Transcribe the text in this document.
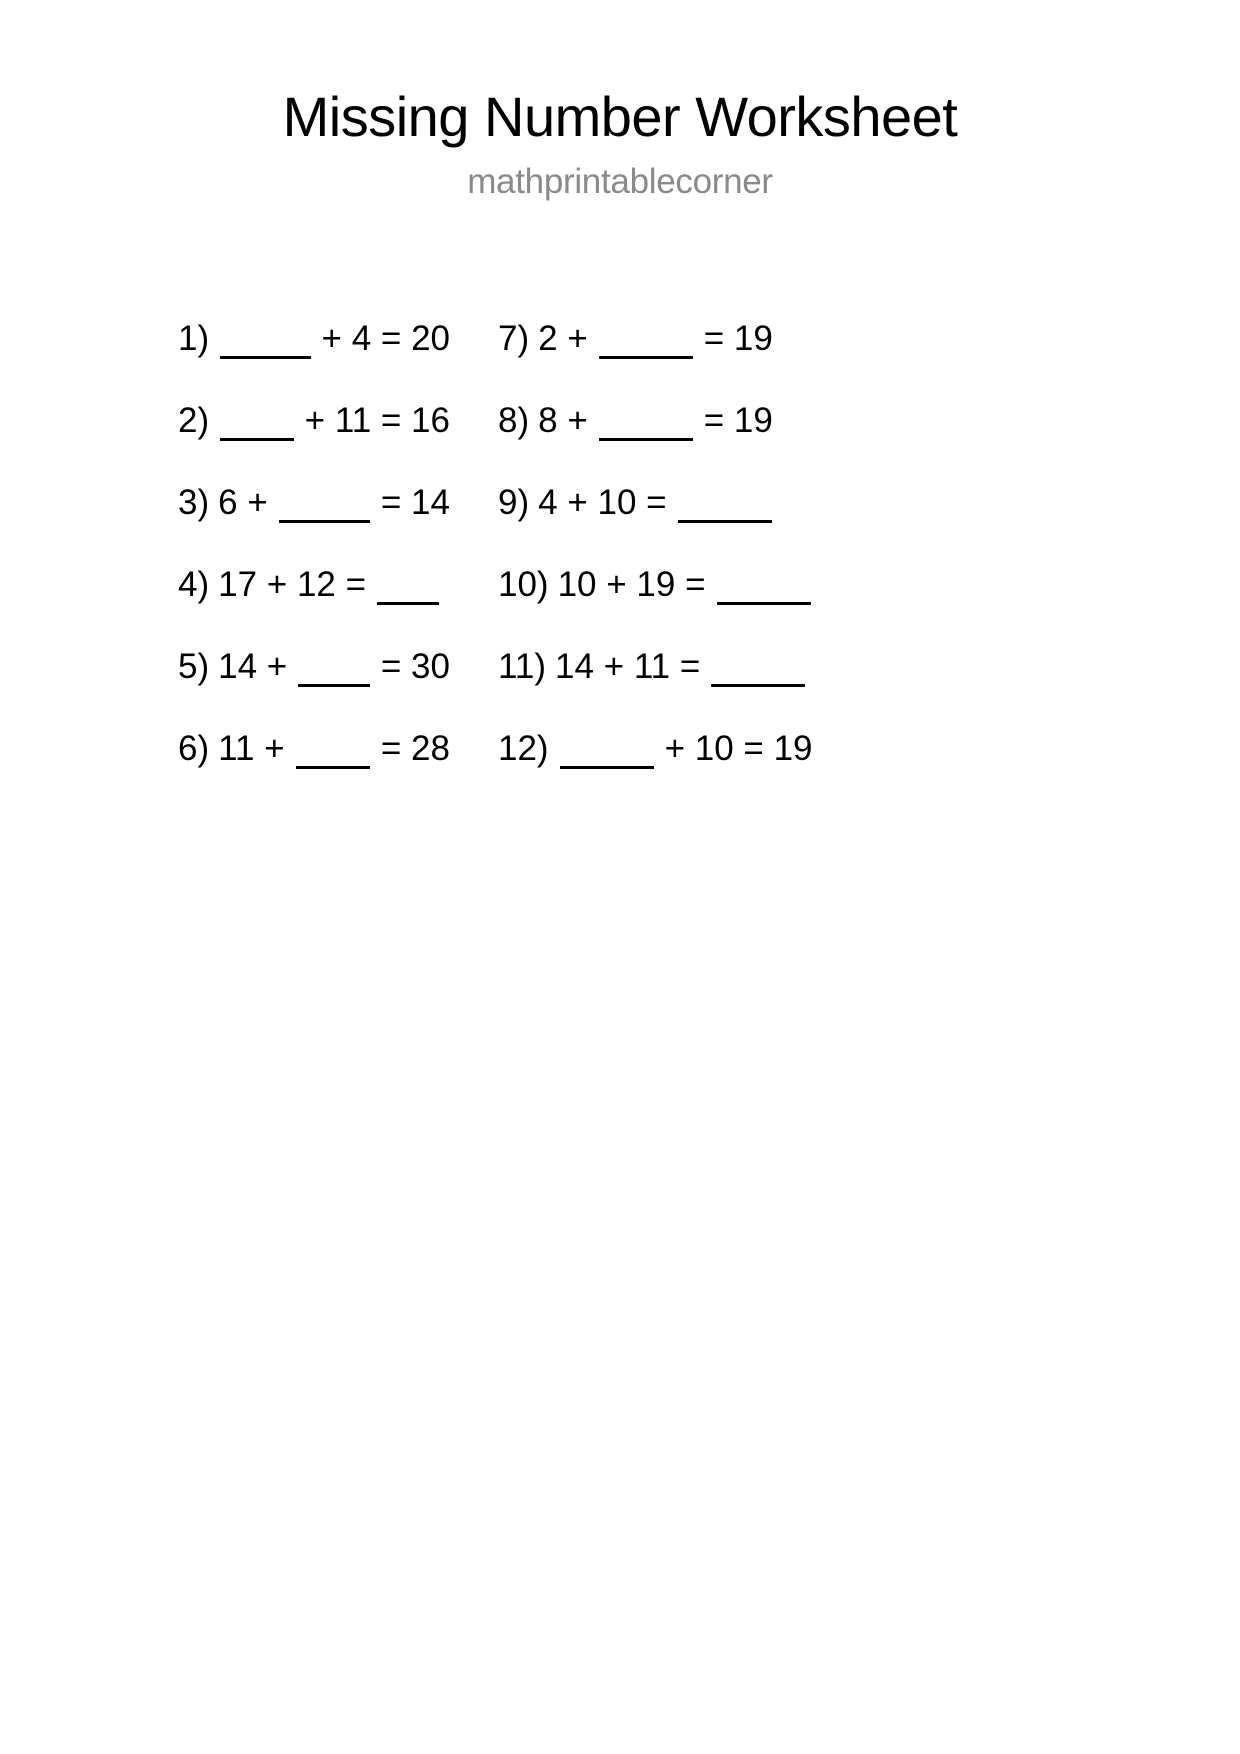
Missing Number Worksheet
mathprintablecorner
1)	+ 4 = 20
2)	+ 11 = 16
3) 6 +	= 14
4) 17 + 12 =
5) 14 +	= 30
6) 11 +	= 28
7) 2 +	= 19
8) 8 +	= 19
9) 4 + 10 =
10) 10 + 19 =
11) 14 + 11 =
12)	+ 10 = 19
